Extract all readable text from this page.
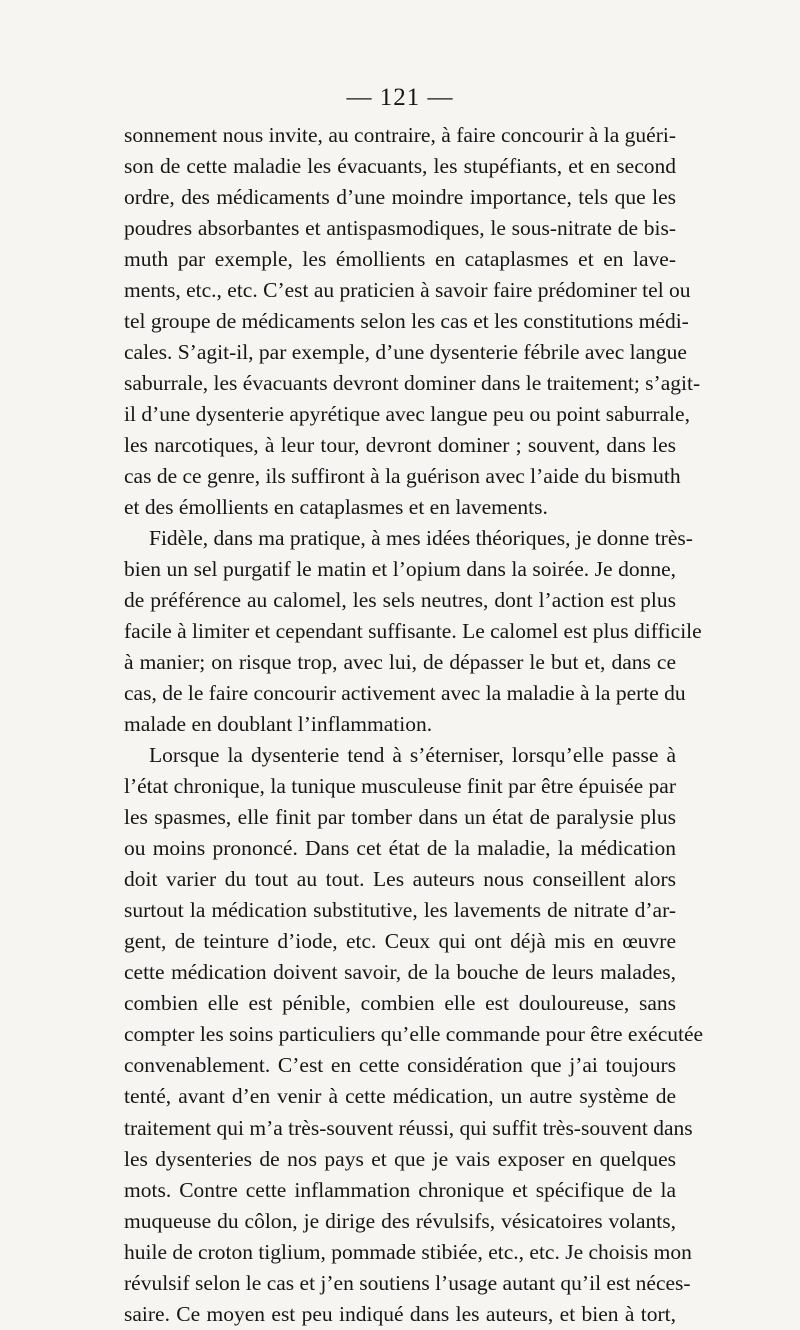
— 121 —
sonnement nous invite, au contraire, à faire concourir à la guéri-
son de cette maladie les évacuants, les stupéfiants, et en second
ordre, des médicaments d’une moindre importance, tels que les
poudres absorbantes et antispasmodiques, le sous-nitrate de bis-
muth par exemple, les émollients en cataplasmes et en lave-
ments, etc., etc. C’est au praticien à savoir faire prédominer tel ou
tel groupe de médicaments selon les cas et les constitutions médi-
cales. S’agit-il, par exemple, d’une dysenterie fébrile avec langue
saburrale, les évacuants devront dominer dans le traitement; s’agit-
il d’une dysenterie apyrétique avec langue peu ou point saburrale,
les narcotiques, à leur tour, devront dominer ; souvent, dans les
cas de ce genre, ils suffiront à la guérison avec l’aide du bismuth
et des émollients en cataplasmes et en lavements.
Fidèle, dans ma pratique, à mes idées théoriques, je donne très-
bien un sel purgatif le matin et l’opium dans la soirée. Je donne,
de préférence au calomel, les sels neutres, dont l’action est plus
facile à limiter et cependant suffisante. Le calomel est plus difficile
à manier; on risque trop, avec lui, de dépasser le but et, dans ce
cas, de le faire concourir activement avec la maladie à la perte du
malade en doublant l’inflammation.
Lorsque la dysenterie tend à s’éterniser, lorsqu’elle passe à
l’état chronique, la tunique musculeuse finit par être épuisée par
les spasmes, elle finit par tomber dans un état de paralysie plus
ou moins prononcé. Dans cet état de la maladie, la médication
doit varier du tout au tout. Les auteurs nous conseillent alors
surtout la médication substitutive, les lavements de nitrate d’ar-
gent, de teinture d’iode, etc. Ceux qui ont déjà mis en œuvre
cette médication doivent savoir, de la bouche de leurs malades,
combien elle est pénible, combien elle est douloureuse, sans
compter les soins particuliers qu’elle commande pour être exécutée
convenablement. C’est en cette considération que j’ai toujours
tenté, avant d’en venir à cette médication, un autre système de
traitement qui m’a très-souvent réussi, qui suffit très-souvent dans
les dysenteries de nos pays et que je vais exposer en quelques
mots. Contre cette inflammation chronique et spécifique de la
muqueuse du côlon, je dirige des révulsifs, vésicatoires volants,
huile de croton tiglium, pommade stibiée, etc., etc. Je choisis mon
révulsif selon le cas et j’en soutiens l’usage autant qu’il est néces-
saire. Ce moyen est peu indiqué dans les auteurs, et bien à tort,
